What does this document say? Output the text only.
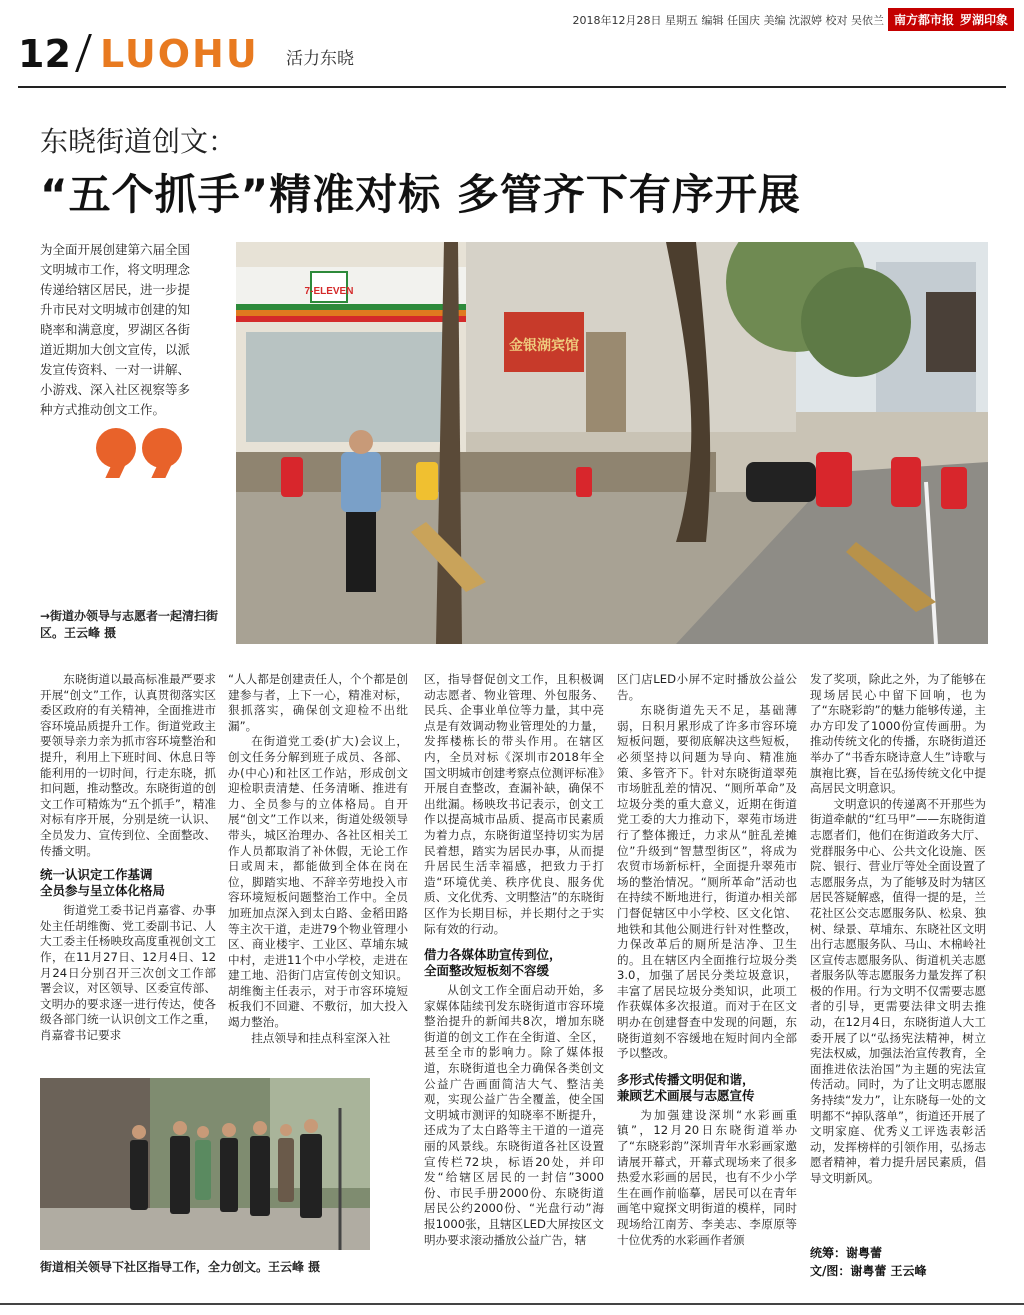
2018年12月28日 星期五 编辑 任国庆 美编 沈淑婷 校对 吴依兰 南方都市报 罗湖印象
12 LUOHU 活力东晓
东晓街道创文：
“五个抓手”精准对标 多管齐下有序开展
为全面开展创建第六届全国文明城市工作，将文明理念传递给辖区居民，进一步提升市民对文明城市创建的知晓率和满意度，罗湖区各街道近期加大创文宣传，以派发宣传资料、一对一讲解、小游戏、深入社区视察等多种方式推动创文工作。
7-ELEVEN
金银湖宾馆
→街道办领导与志愿者一起清扫街区。王云峰 摄

东晓街道以最高标准最严要求开展“创文”工作，认真贯彻落实区委区政府的有关精神，全面推进市容环境品质提升工作。街道党政主要领导亲力亲为抓市容环境整治和提升，利用上下班时间、休息日等能利用的一切时间，行走东晓，抓扣问题，推动整改。东晓街道的创文工作可精炼为“五个抓手”，精准对标有序开展，分别是统一认识、全员发力、宣传到位、全面整改、传播文明。

统一认识定工作基调
全员参与呈立体化格局

街道党工委书记肖嘉睿、办事处主任胡维衡、党工委副书记、人大工委主任杨映玫高度重视创文工作，在11月27日、12月4日、12月24日分别召开三次创文工作部署会议，对区领导、区委宣传部、文明办的要求逐一进行传达，使各级各部门统一认识创文工作之重，肖嘉睿书记要求

“人人都是创建责任人，个个都是创建参与者，上下一心，精准对标，狠抓落实，确保创文迎检不出纰漏”。

在街道党工委(扩大)会议上，创文任务分解到班子成员、各部、办(中心)和社区工作站，形成创文迎检职责清楚、任务清晰、推进有力、全员参与的立体格局。自开展“创文”工作以来，街道处级领导带头，城区治理办、各社区相关工作人员都取消了补休假，无论工作日或周末，都能做到全体在岗在位，脚踏实地、不辞辛劳地投入市容环境短板问题整治工作中。全员加班加点深入到太白路、金稻田路等主次干道，走进79个物业管理小区、商业楼宇、工业区、草埔东城中村，走进11个中小学校，走进在建工地、沿街门店宣传创文知识。胡维衡主任表示，对于市容环境短板我们不回避、不敷衍，加大投入竭力整治。

挂点领导和挂点科室深入社

区，指导督促创文工作，且积极调动志愿者、物业管理、外包服务、民兵、企事业单位等力量，其中亮点是有效调动物业管理处的力量，发挥楼栋长的带头作用。在辖区内，全员对标《深圳市2018年全国文明城市创建考察点位测评标准》开展自查整改，查漏补缺，确保不出纰漏。杨映玫书记表示，创文工作以提高城市品质、提高市民素质为着力点，东晓街道坚持切实为居民着想，踏实为居民办事，从而提升居民生活幸福感，把致力于打造“环境优美、秩序优良、服务优质、文化优秀、文明整洁”的东晓街区作为长期目标，并长期付之于实际有效的行动。

借力各媒体助宣传到位，
全面整改短板刻不容缓

从创文工作全面启动开始，多家媒体陆续刊发东晓街道市容环境整治提升的新闻共8次，增加东晓街道的创文工作在全街道、全区，甚至全市的影响力。除了媒体报道，东晓街道也全力确保各类创文公益广告画面简洁大气、整洁美观，实现公益广告全覆盖，使全国文明城市测评的知晓率不断提升，还成为了太白路等主干道的一道亮丽的风景线。东晓街道各社区设置宣传栏72块，标语20处，并印发“给辖区居民的一封信”3000份、市民手册2000份、东晓街道居民公约2000份、“光盘行动”海报1000张，且辖区LED大屏按区文明办要求滚动播放公益广告，辖

区门店LED小屏不定时播放公益公告。

东晓街道先天不足，基础薄弱，日积月累形成了许多市容环境短板问题，要彻底解决这些短板，必须坚持以问题为导向、精准施策、多管齐下。针对东晓街道翠苑市场脏乱差的情况、“厕所革命”及垃圾分类的重大意义，近期在街道党工委的大力推动下，翠苑市场进行了整体搬迁，力求从“脏乱差摊位”升级到“智慧型街区”，将成为农贸市场新标杆，全面提升翠苑市场的整治情况。“厕所革命”活动也在持续不断地进行，街道办相关部门督促辖区中小学校、区文化馆、地铁和其他公厕进行针对性整改，力保改革后的厕所是洁净、卫生的。且在辖区内全面推行垃圾分类3.0，加强了居民分类垃圾意识，丰富了居民垃圾分类知识，此项工作获媒体多次报道。而对于在区文明办在创建督查中发现的问题，东晓街道刻不容缓地在短时间内全部予以整改。

多形式传播文明促和谐，
兼顾艺术画展与志愿宣传

为加强建设深圳“水彩画重镇”，12月20日东晓街道举办了“东晓彩韵”深圳青年水彩画家邀请展开幕式，开幕式现场来了很多热爱水彩画的居民，也有不少小学生在画作前临摹，居民可以在青年画笔中窥探文明街道的模样，同时现场给江南芳、李美志、李原原等十位优秀的水彩画作者颁

发了奖项，除此之外，为了能够在现场居民心中留下回响，也为了“东晓彩韵”的魅力能够传递，主办方印发了1000份宣传画册。为推动传统文化的传播，东晓街道还举办了“书香东晓诗意人生”诗歌与旗袍比赛，旨在弘扬传统文化中提高居民文明意识。

文明意识的传递离不开那些为街道牵献的“红马甲”——东晓街道志愿者们，他们在街道政务大厅、党群服务中心、公共文化设施、医院、银行、营业厅等处全面设置了志愿服务点，为了能够及时为辖区居民答疑解惑，值得一提的是，兰花社区公交志愿服务队、松泉、独树、绿景、草埔东、东晓社区文明出行志愿服务队、马山、木棉岭社区宣传志愿服务队、街道机关志愿者服务队等志愿服务力量发挥了积极的作用。行为文明不仅需要志愿者的引导，更需要法律文明去推动，在12月4日，东晓街道人大工委开展了以“弘扬宪法精神，树立宪法权威，加强法治宣传教育，全面推进依法治国”为主题的宪法宣传活动。同时，为了让文明志愿服务持续“发力”，让东晓每一处的文明都不“掉队落单”，街道还开展了文明家庭、优秀义工评选表彰活动，发挥榜样的引领作用，弘扬志愿者精神，着力提升居民素质，倡导文明新风。

街道相关领导下社区指导工作，全力创文。王云峰 摄
统筹：谢粤蕾
文/图：谢粤蕾 王云峰
